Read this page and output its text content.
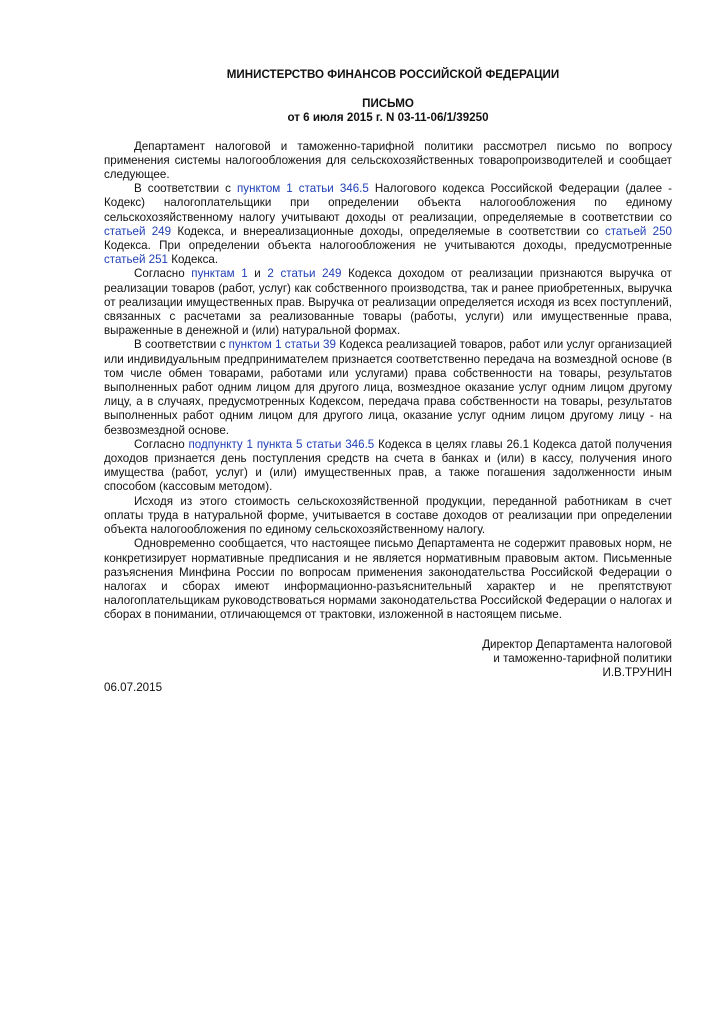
МИНИСТЕРСТВО ФИНАНСОВ РОССИЙСКОЙ ФЕДЕРАЦИИ
ПИСЬМО
от 6 июля 2015 г. N 03-11-06/1/39250

Департамент налоговой и таможенно-тарифной политики рассмотрел письмо по вопросу применения системы налогообложения для сельскохозяйственных товаропроизводителей и сообщает следующее.

В соответствии с пунктом 1 статьи 346.5 Налогового кодекса Российской Федерации (далее - Кодекс) налогоплательщики при определении объекта налогообложения по единому сельскохозяйственному налогу учитывают доходы от реализации, определяемые в соответствии со статьей 249 Кодекса, и внереализационные доходы, определяемые в соответствии со статьей 250 Кодекса. При определении объекта налогообложения не учитываются доходы, предусмотренные статьей 251 Кодекса.

Согласно пунктам 1 и 2 статьи 249 Кодекса доходом от реализации признаются выручка от реализации товаров (работ, услуг) как собственного производства, так и ранее приобретенных, выручка от реализации имущественных прав. Выручка от реализации определяется исходя из всех поступлений, связанных с расчетами за реализованные товары (работы, услуги) или имущественные права, выраженные в денежной и (или) натуральной формах.

В соответствии с пунктом 1 статьи 39 Кодекса реализацией товаров, работ или услуг организацией или индивидуальным предпринимателем признается соответственно передача на возмездной основе (в том числе обмен товарами, работами или услугами) права собственности на товары, результатов выполненных работ одним лицом для другого лица, возмездное оказание услуг одним лицом другому лицу, а в случаях, предусмотренных Кодексом, передача права собственности на товары, результатов выполненных работ одним лицом для другого лица, оказание услуг одним лицом другому лицу - на безвозмездной основе.

Согласно подпункту 1 пункта 5 статьи 346.5 Кодекса в целях главы 26.1 Кодекса датой получения доходов признается день поступления средств на счета в банках и (или) в кассу, получения иного имущества (работ, услуг) и (или) имущественных прав, а также погашения задолженности иным способом (кассовым методом).

Исходя из этого стоимость сельскохозяйственной продукции, переданной работникам в счет оплаты труда в натуральной форме, учитывается в составе доходов от реализации при определении объекта налогообложения по единому сельскохозяйственному налогу.

Одновременно сообщается, что настоящее письмо Департамента не содержит правовых норм, не конкретизирует нормативные предписания и не является нормативным правовым актом. Письменные разъяснения Минфина России по вопросам применения законодательства Российской Федерации о налогах и сборах имеют информационно-разъяснительный характер и не препятствуют налогоплательщикам руководствоваться нормами законодательства Российской Федерации о налогах и сборах в понимании, отличающемся от трактовки, изложенной в настоящем письме.

Директор Департамента налоговой
и таможенно-тарифной политики
И.В.ТРУНИН
06.07.2015
